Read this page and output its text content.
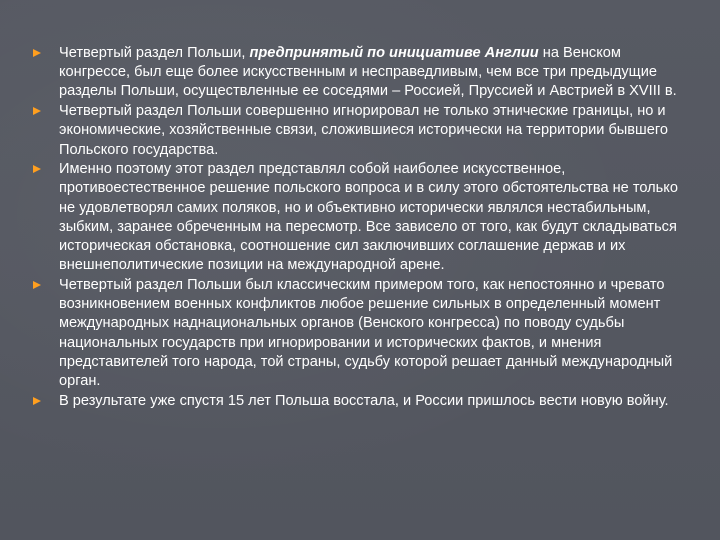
Четвертый раздел Польши, предпринятый по инициативе Англии на Венском конгрессе, был еще более искусственным и несправедливым, чем все три предыдущие разделы Польши, осуществленные ее соседями – Россией, Пруссией и Австрией в XVIII в.
Четвертый раздел Польши совершенно игнорировал не только этнические границы, но и экономические, хозяйственные связи, сложившиеся исторически на территории бывшего Польского государства.
Именно поэтому этот раздел представлял собой наиболее искусственное, противоестественное решение польского вопроса и в силу этого обстоятельства не только не удовлетворял самих поляков, но и объективно исторически являлся нестабильным, зыбким, заранее обреченным на пересмотр. Все зависело от того, как будут складываться историческая обстановка, соотношение сил заключивших соглашение держав и их внешнеполитические позиции на международной арене.
Четвертый раздел Польши был классическим примером того, как непостоянно и чревато возникновением военных конфликтов любое решение сильных в определенный момент международных наднациональных органов (Венского конгресса) по поводу судьбы национальных государств при игнорировании и исторических фактов, и мнения представителей того народа, той страны, судьбу которой решает данный международный орган.
В результате уже спустя 15 лет Польша восстала, и России пришлось вести новую войну.
